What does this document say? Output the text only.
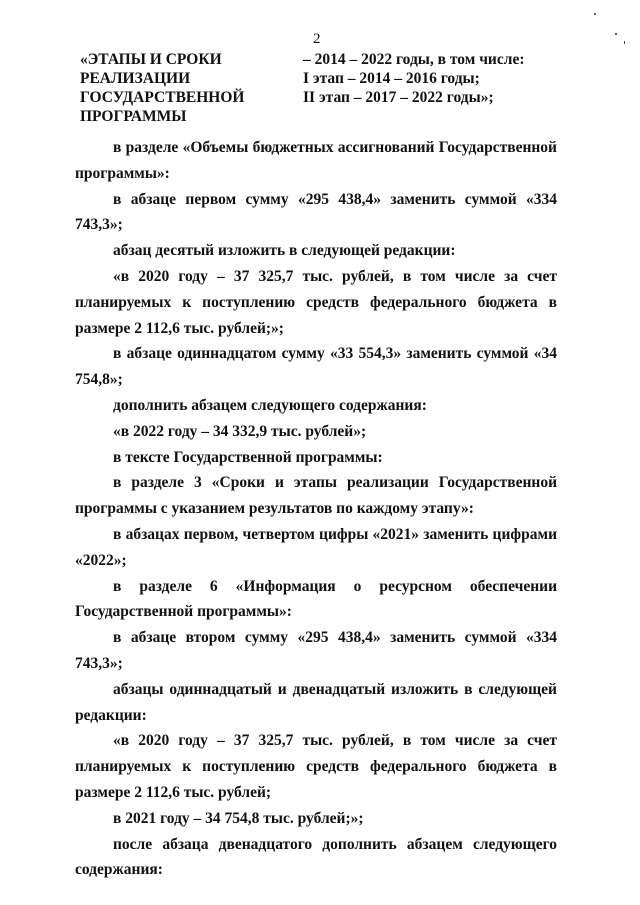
2
«ЭТАПЫ И СРОКИ
РЕАЛИЗАЦИИ
ГОСУДАРСТВЕННОЙ
ПРОГРАММЫ
– 2014 – 2022 годы, в том числе:
I этап – 2014 – 2016 годы;
II этап – 2017 – 2022 годы»;

в разделе «Объемы бюджетных ассигнований Государственной программы»:

в абзаце первом сумму «295 438,4» заменить суммой «334 743,3»;

абзац десятый изложить в следующей редакции:

«в 2020 году – 37 325,7 тыс. рублей, в том числе за счет планируемых к поступлению средств федерального бюджета в размере 2 112,6 тыс. рублей;»;

в абзаце одиннадцатом сумму «33 554,3» заменить суммой «34 754,8»;

дополнить абзацем следующего содержания:

«в 2022 году – 34 332,9 тыс. рублей»;

в тексте Государственной программы:

в разделе 3 «Сроки и этапы реализации Государственной программы с указанием результатов по каждому этапу»:

в абзацах первом, четвертом цифры «2021» заменить цифрами «2022»;

в разделе 6 «Информация о ресурсном обеспечении Государственной программы»:

в абзаце втором сумму «295 438,4» заменить суммой «334 743,3»;

абзацы одиннадцатый и двенадцатый изложить в следующей редакции:

«в 2020 году – 37 325,7 тыс. рублей, в том числе за счет планируемых к поступлению средств федерального бюджета в размере 2 112,6 тыс. рублей;

в 2021 году – 34 754,8 тыс. рублей;»;

после абзаца двенадцатого дополнить абзацем следующего содержания:
